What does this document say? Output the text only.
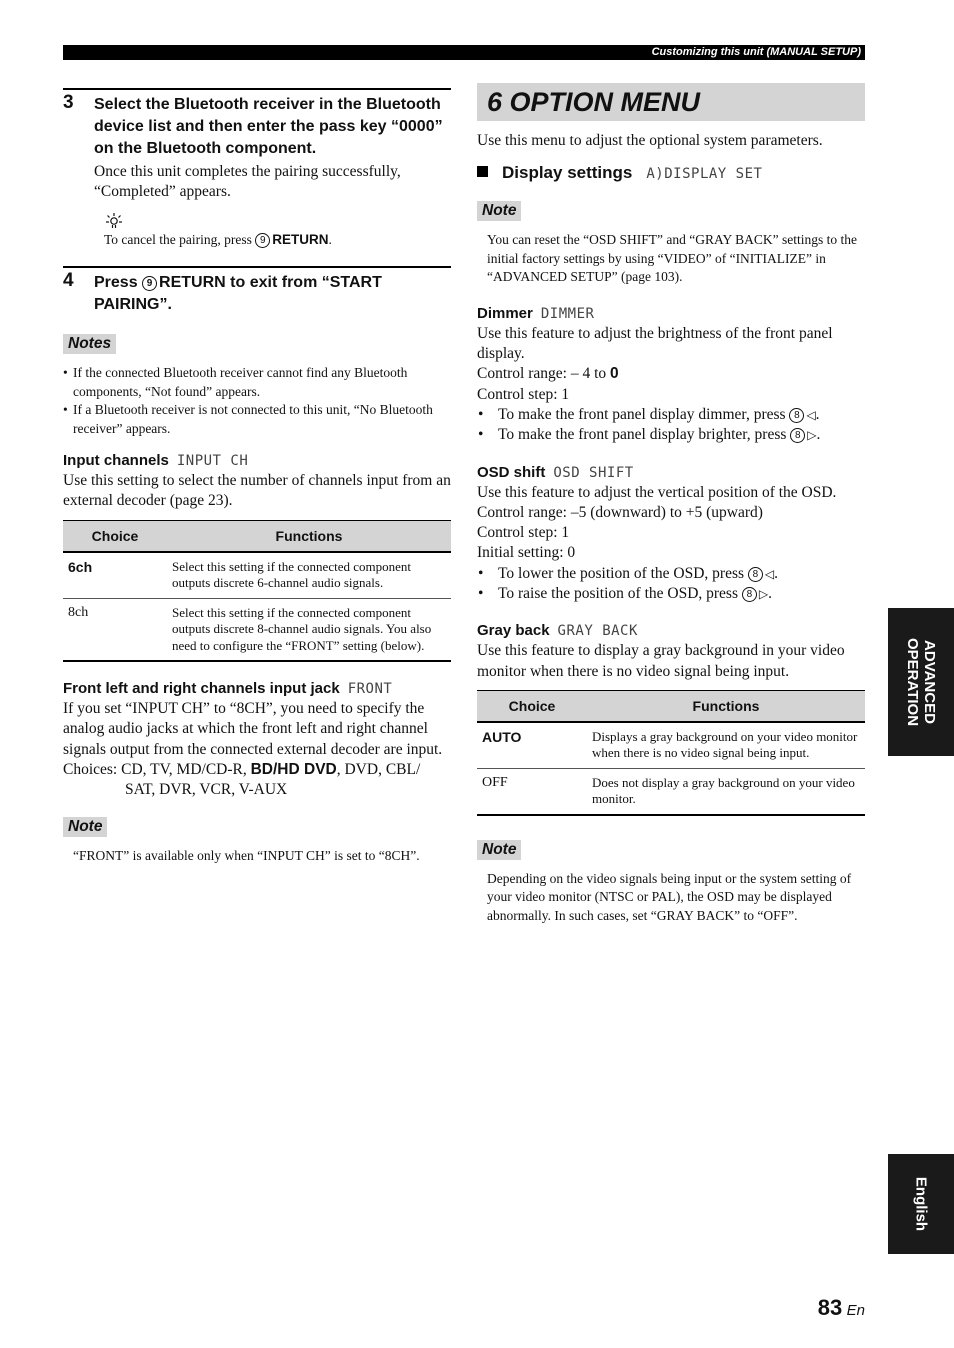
Customizing this unit (MANUAL SETUP)
3 Select the Bluetooth receiver in the Bluetooth device list and then enter the pass key “0000” on the Bluetooth component.
Once this unit completes the pairing successfully, “Completed” appears.
To cancel the pairing, press 9 RETURN.
4 Press 9 RETURN to exit from “START PAIRING”.
Notes
• If the connected Bluetooth receiver cannot find any Bluetooth components, “Not found” appears.
• If a Bluetooth receiver is not connected to this unit, “No Bluetooth receiver” appears.
Input channels INPUT CH
Use this setting to select the number of channels input from an external decoder (page 23).
Choice	Functions
6ch	Select this setting if the connected component outputs discrete 6-channel audio signals.
8ch	Select this setting if the connected component outputs discrete 8-channel audio signals. You also need to configure the “FRONT” setting (below).
Front left and right channels input jack FRONT
If you set “INPUT CH” to “8CH”, you need to specify the analog audio jacks at which the front left and right channel signals output from the connected external decoder are input.
Choices: CD, TV, MD/CD-R, BD/HD DVD, DVD, CBL/
SAT, DVR, VCR, V-AUX
Note
“FRONT” is available only when “INPUT CH” is set to “8CH”.
6 OPTION MENU
Use this menu to adjust the optional system parameters.
Display settings A)DISPLAY SET
Note
You can reset the “OSD SHIFT” and “GRAY BACK” settings to the initial factory settings by using “VIDEO” of “INITIALIZE” in “ADVANCED SETUP” (page 103).
Dimmer DIMMER
Use this feature to adjust the brightness of the front panel display.
Control range: – 4 to 0
Control step: 1
• To make the front panel display dimmer, press 8 ◁.
• To make the front panel display brighter, press 8 ▷.
OSD shift OSD SHIFT
Use this feature to adjust the vertical position of the OSD.
Control range: –5 (downward) to +5 (upward)
Control step: 1
Initial setting: 0
• To lower the position of the OSD, press 8 ◁.
• To raise the position of the OSD, press 8 ▷.
Gray back GRAY BACK
Use this feature to display a gray background in your video monitor when there is no video signal being input.
Choice	Functions
AUTO	Displays a gray background on your video monitor when there is no video signal being input.
OFF	Does not display a gray background on your video monitor.
Note
Depending on the video signals being input or the system setting of your video monitor (NTSC or PAL), the OSD may be displayed abnormally. In such cases, set “GRAY BACK” to “OFF”.
ADVANCED
OPERATION
English
83 En
